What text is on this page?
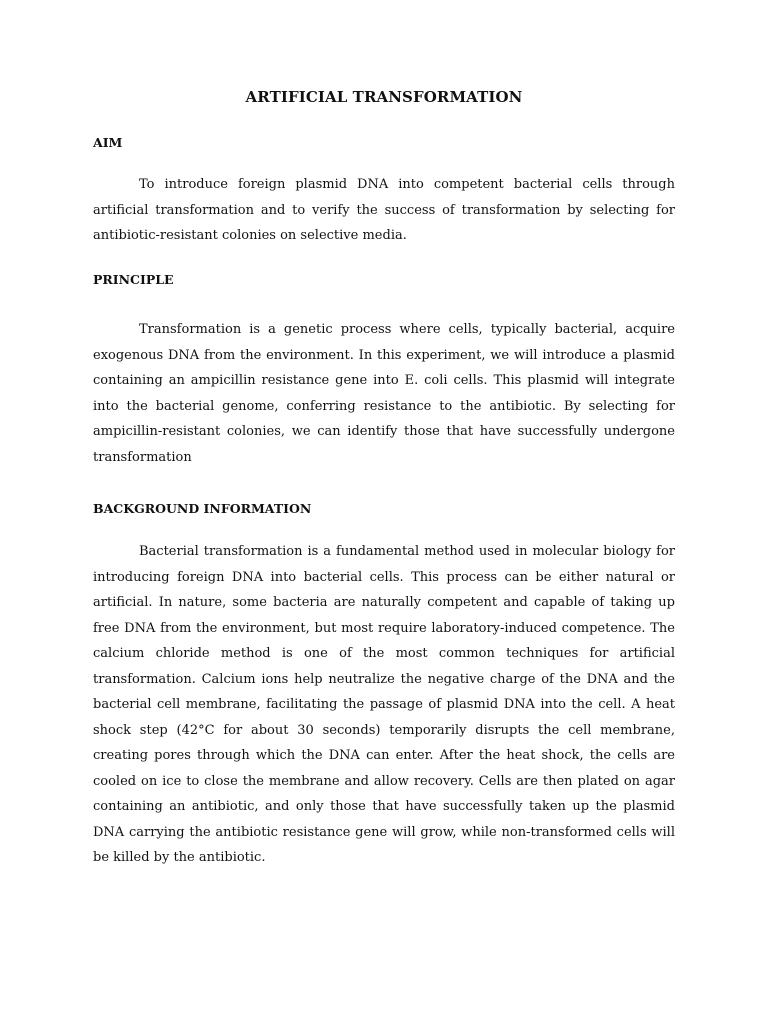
ARTIFICIAL TRANSFORMATION
AIM

To introduce foreign plasmid DNA into competent bacterial cells through artificial transformation and to verify the success of transformation by selecting for antibiotic-resistant colonies on selective media.

PRINCIPLE

Transformation is a genetic process where cells, typically bacterial, acquire exogenous DNA from the environment. In this experiment, we will introduce a plasmid containing an ampicillin resistance gene into E. coli cells. This plasmid will integrate into the bacterial genome, conferring resistance to the antibiotic. By selecting for ampicillin-resistant colonies, we can identify those that have successfully undergone transformation

BACKGROUND INFORMATION

Bacterial transformation is a fundamental method used in molecular biology for introducing foreign DNA into bacterial cells. This process can be either natural or artificial. In nature, some bacteria are naturally competent and capable of taking up free DNA from the environment, but most require laboratory-induced competence. The calcium chloride method is one of the most common techniques for artificial transformation. Calcium ions help neutralize the negative charge of the DNA and the bacterial cell membrane, facilitating the passage of plasmid DNA into the cell. A heat shock step (42°C for about 30 seconds) temporarily disrupts the cell membrane, creating pores through which the DNA can enter. After the heat shock, the cells are cooled on ice to close the membrane and allow recovery. Cells are then plated on agar containing an antibiotic, and only those that have successfully taken up the plasmid DNA carrying the antibiotic resistance gene will grow, while non-transformed cells will be killed by the antibiotic.
